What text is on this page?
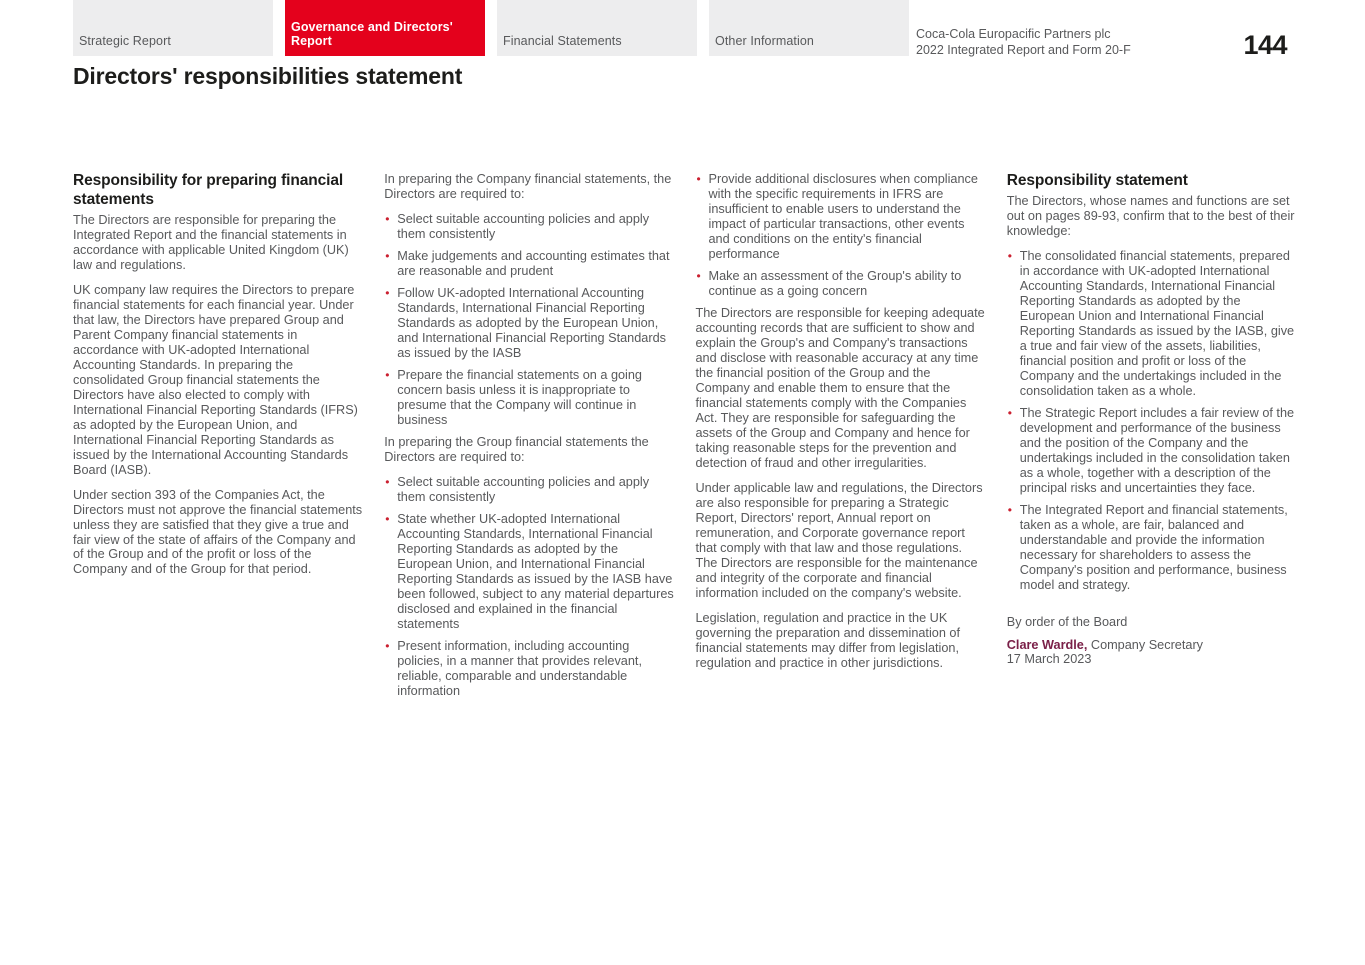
Strategic Report
Governance and Directors' Report	Financial Statements	Other Information	Coca-Cola Europacific Partners plc
2022 Integrated Report and Form 20-F	144
Directors' responsibilities statement
Responsibility for preparing financial statements

The Directors are responsible for preparing the Integrated Report and the financial statements in accordance with applicable United Kingdom (UK) law and regulations.

UK company law requires the Directors to prepare financial statements for each financial year. Under that law, the Directors have prepared Group and Parent Company financial statements in accordance with UK-adopted International Accounting Standards. In preparing the consolidated Group financial statements the Directors have also elected to comply with International Financial Reporting Standards (IFRS) as adopted by the European Union, and International Financial Reporting Standards as issued by the International Accounting Standards Board (IASB).

Under section 393 of the Companies Act, the Directors must not approve the financial statements unless they are satisfied that they give a true and fair view of the state of affairs of the Company and of the Group and of the profit or loss of the Company and of the Group for that period.

In preparing the Company financial statements, the Directors are required to:

• Select suitable accounting policies and apply them consistently
• Make judgements and accounting estimates that are reasonable and prudent
• Follow UK-adopted International Accounting Standards, International Financial Reporting Standards as adopted by the European Union, and International Financial Reporting Standards as issued by the IASB
• Prepare the financial statements on a going concern basis unless it is inappropriate to presume that the Company will continue in business

In preparing the Group financial statements the Directors are required to:

• Select suitable accounting policies and apply them consistently
• State whether UK-adopted International Accounting Standards, International Financial Reporting Standards as adopted by the European Union, and International Financial Reporting Standards as issued by the IASB have been followed, subject to any material departures disclosed and explained in the financial statements
• Present information, including accounting policies, in a manner that provides relevant, reliable, comparable and understandable information
• Provide additional disclosures when compliance with the specific requirements in IFRS are insufficient to enable users to understand the impact of particular transactions, other events and conditions on the entity's financial performance
• Make an assessment of the Group's ability to continue as a going concern

The Directors are responsible for keeping adequate accounting records that are sufficient to show and explain the Group's and Company's transactions and disclose with reasonable accuracy at any time the financial position of the Group and the Company and enable them to ensure that the financial statements comply with the Companies Act. They are responsible for safeguarding the assets of the Group and Company and hence for taking reasonable steps for the prevention and detection of fraud and other irregularities.

Under applicable law and regulations, the Directors are also responsible for preparing a Strategic Report, Directors' report, Annual report on remuneration, and Corporate governance report that comply with that law and those regulations. The Directors are responsible for the maintenance and integrity of the corporate and financial information included on the company's website.

Legislation, regulation and practice in the UK governing the preparation and dissemination of financial statements may differ from legislation, regulation and practice in other jurisdictions.

Responsibility statement

The Directors, whose names and functions are set out on pages 89-93, confirm that to the best of their knowledge:

• The consolidated financial statements, prepared in accordance with UK-adopted International Accounting Standards, International Financial Reporting Standards as adopted by the European Union and International Financial Reporting Standards as issued by the IASB, give a true and fair view of the assets, liabilities, financial position and profit or loss of the Company and the undertakings included in the consolidation taken as a whole.
• The Strategic Report includes a fair review of the development and performance of the business and the position of the Company and the undertakings included in the consolidation taken as a whole, together with a description of the principal risks and uncertainties they face.
• The Integrated Report and financial statements, taken as a whole, are fair, balanced and understandable and provide the information necessary for shareholders to assess the Company's position and performance, business model and strategy.

By order of the Board

Clare Wardle, Company Secretary

17 March 2023
